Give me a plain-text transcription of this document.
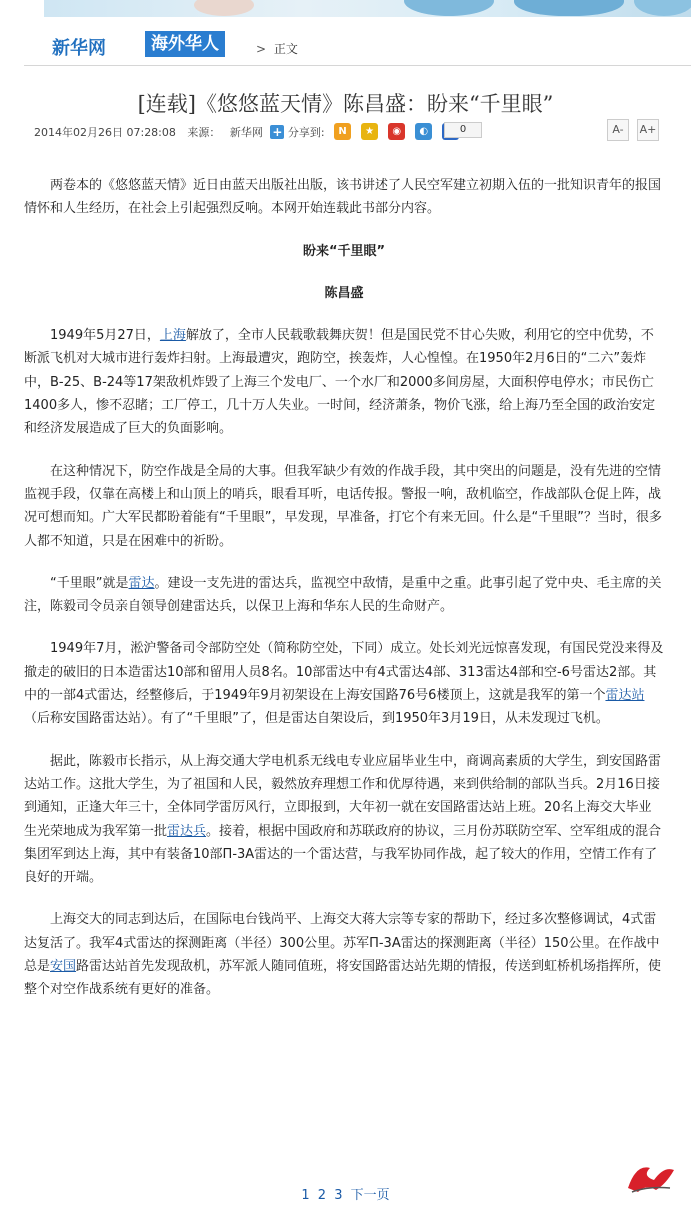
新华网	海外华人	> 正文
[连载]《悠悠蓝天情》陈昌盛：盼来“千里眼”
2014年02月26日 07:28:08 来源： 新华网 + 分享到:	N ★ ◉ ◐	0	A-	A+

两卷本的《悠悠蓝天情》近日由蓝天出版社出版，该书讲述了人民空军建立初期入伍的一批知识青年的报国情怀和人生经历，在社会上引起强烈反响。本网开始连载此书部分内容。

盼来“千里眼”

陈昌盛

1949年5月27日，上海解放了，全市人民载歌载舞庆贺！但是国民党不甘心失败，利用它的空中优势，不断派飞机对大城市进行轰炸扫射。上海最遭灾，跑防空，挨轰炸，人心惶惶。在1950年2月6日的“二六”轰炸中，B-25、B-24等17架敌机炸毁了上海三个发电厂、一个水厂和2000多间房屋，大面积停电停水；市民伤亡1400多人，惨不忍睹；工厂停工，几十万人失业。一时间，经济萧条，物价飞涨，给上海乃至全国的政治安定和经济发展造成了巨大的负面影响。

在这种情况下，防空作战是全局的大事。但我军缺少有效的作战手段，其中突出的问题是，没有先进的空情监视手段，仅靠在高楼上和山顶上的哨兵，眼看耳听，电话传报。警报一响，敌机临空，作战部队仓促上阵，战况可想而知。广大军民都盼着能有“千里眼”，早发现，早准备，打它个有来无回。什么是“千里眼”？当时，很多人都不知道，只是在困难中的祈盼。

“千里眼”就是雷达。建设一支先进的雷达兵，监视空中敌情，是重中之重。此事引起了党中央、毛主席的关注，陈毅司令员亲自领导创建雷达兵，以保卫上海和华东人民的生命财产。

1949年7月，淞沪警备司令部防空处（简称防空处，下同）成立。处长刘光远惊喜发现，有国民党没来得及撤走的破旧的日本造雷达10部和留用人员8名。10部雷达中有4式雷达4部、313雷达4部和空-6号雷达2部。其中的一部4式雷达，经整修后，于1949年9月初架设在上海安国路76号6楼顶上，这就是我军的第一个雷达站（后称安国路雷达站）。有了“千里眼”了，但是雷达自架设后，到1950年3月19日，从未发现过飞机。

据此，陈毅市长指示，从上海交通大学电机系无线电专业应届毕业生中，商调高素质的大学生，到安国路雷达站工作。这批大学生，为了祖国和人民，毅然放弃理想工作和优厚待遇，来到供给制的部队当兵。2月16日接到通知，正逢大年三十，全体同学雷厉风行，立即报到，大年初一就在安国路雷达站上班。20名上海交大毕业生光荣地成为我军第一批雷达兵。接着，根据中国政府和苏联政府的协议，三月份苏联防空军、空军组成的混合集团军到达上海，其中有装备10部П-3A雷达的一个雷达营，与我军协同作战，起了较大的作用，空情工作有了良好的开端。

上海交大的同志到达后，在国际电台钱尚平、上海交大蒋大宗等专家的帮助下，经过多次整修调试，4式雷达复活了。我军4式雷达的探测距离（半径）300公里。苏军П-3A雷达的探测距离（半径）150公里。在作战中总是安国路雷达站首先发现敌机，苏军派人随同值班，将安国路雷达站先期的情报，传送到虹桥机场指挥所，使整个对空作战系统有更好的准备。

1 2 3 下一页
